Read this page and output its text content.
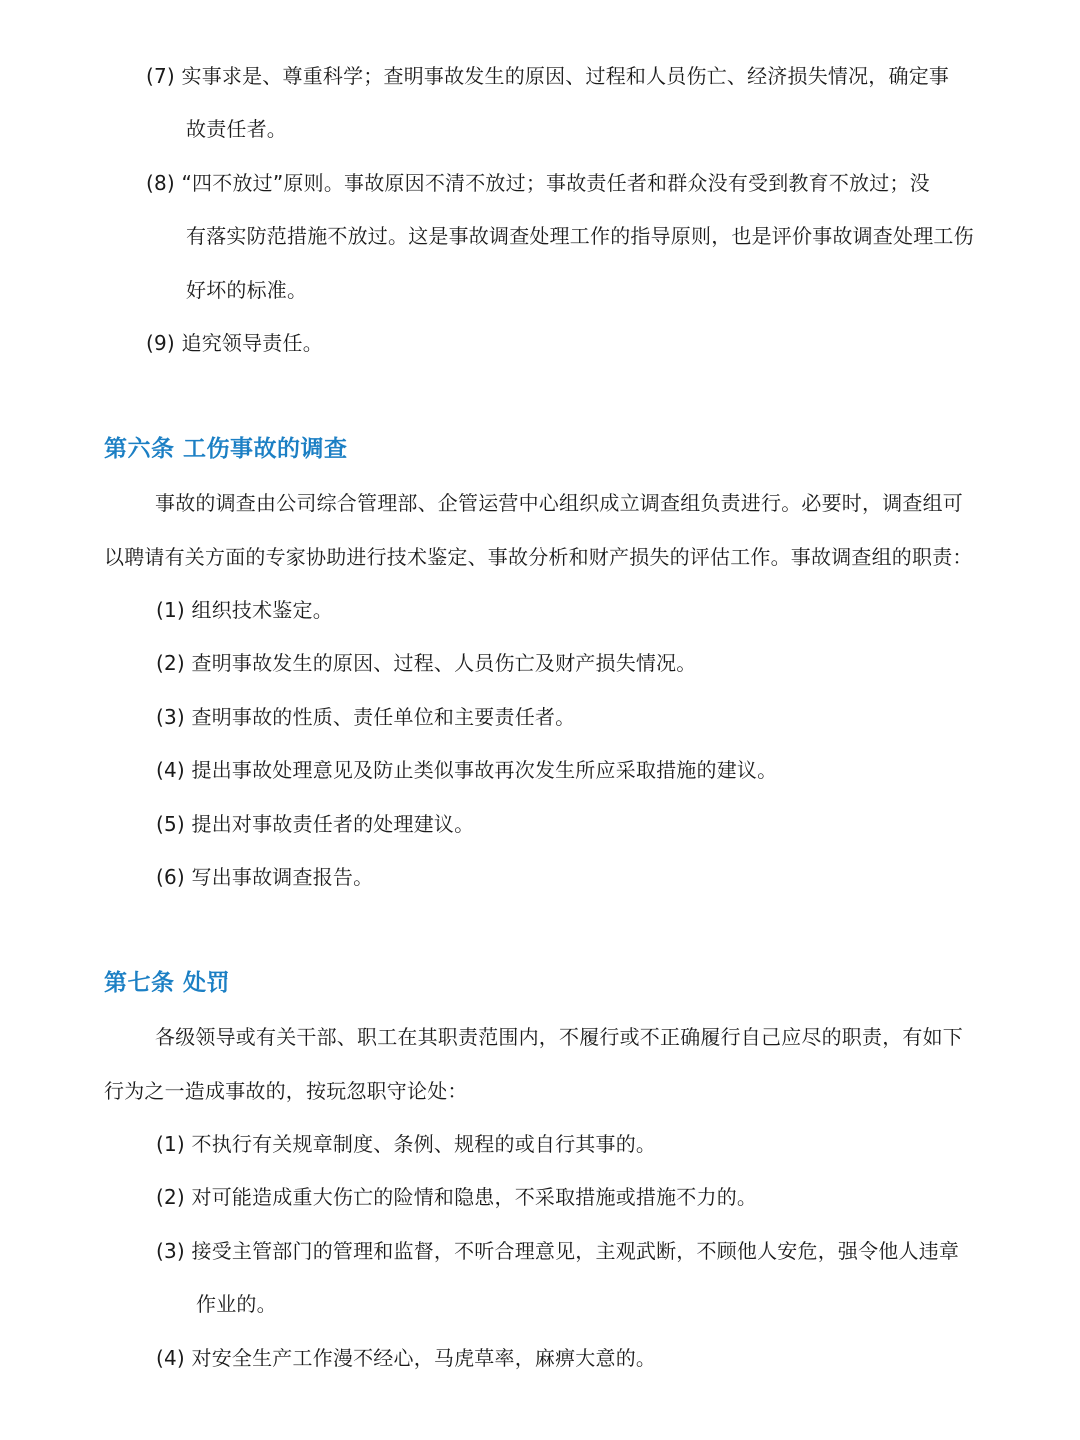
(7) 实事求是、尊重科学；查明事故发生的原因、过程和人员伤亡、经济损失情况，确定事
故责任者。
(8) “四不放过”原则。事故原因不清不放过；事故责任者和群众没有受到教育不放过；没
有落实防范措施不放过。这是事故调查处理工作的指导原则，也是评价事故调查处理工伤
好坏的标准。
(9) 追究领导责任。
第六条 工伤事故的调查
事故的调查由公司综合管理部、企管运营中心组织成立调查组负责进行。必要时，调查组可
以聘请有关方面的专家协助进行技术鉴定、事故分析和财产损失的评估工作。事故调查组的职责：
(1) 组织技术鉴定。
(2) 查明事故发生的原因、过程、人员伤亡及财产损失情况。
(3) 查明事故的性质、责任单位和主要责任者。
(4) 提出事故处理意见及防止类似事故再次发生所应采取措施的建议。
(5) 提出对事故责任者的处理建议。
(6) 写出事故调查报告。
第七条 处罚
各级领导或有关干部、职工在其职责范围内，不履行或不正确履行自己应尽的职责，有如下
行为之一造成事故的，按玩忽职守论处：
(1) 不执行有关规章制度、条例、规程的或自行其事的。
(2) 对可能造成重大伤亡的险情和隐患，不采取措施或措施不力的。
(3) 接受主管部门的管理和监督，不听合理意见，主观武断，不顾他人安危，强令他人违章
作业的。
(4) 对安全生产工作漫不经心，马虎草率，麻痹大意的。
